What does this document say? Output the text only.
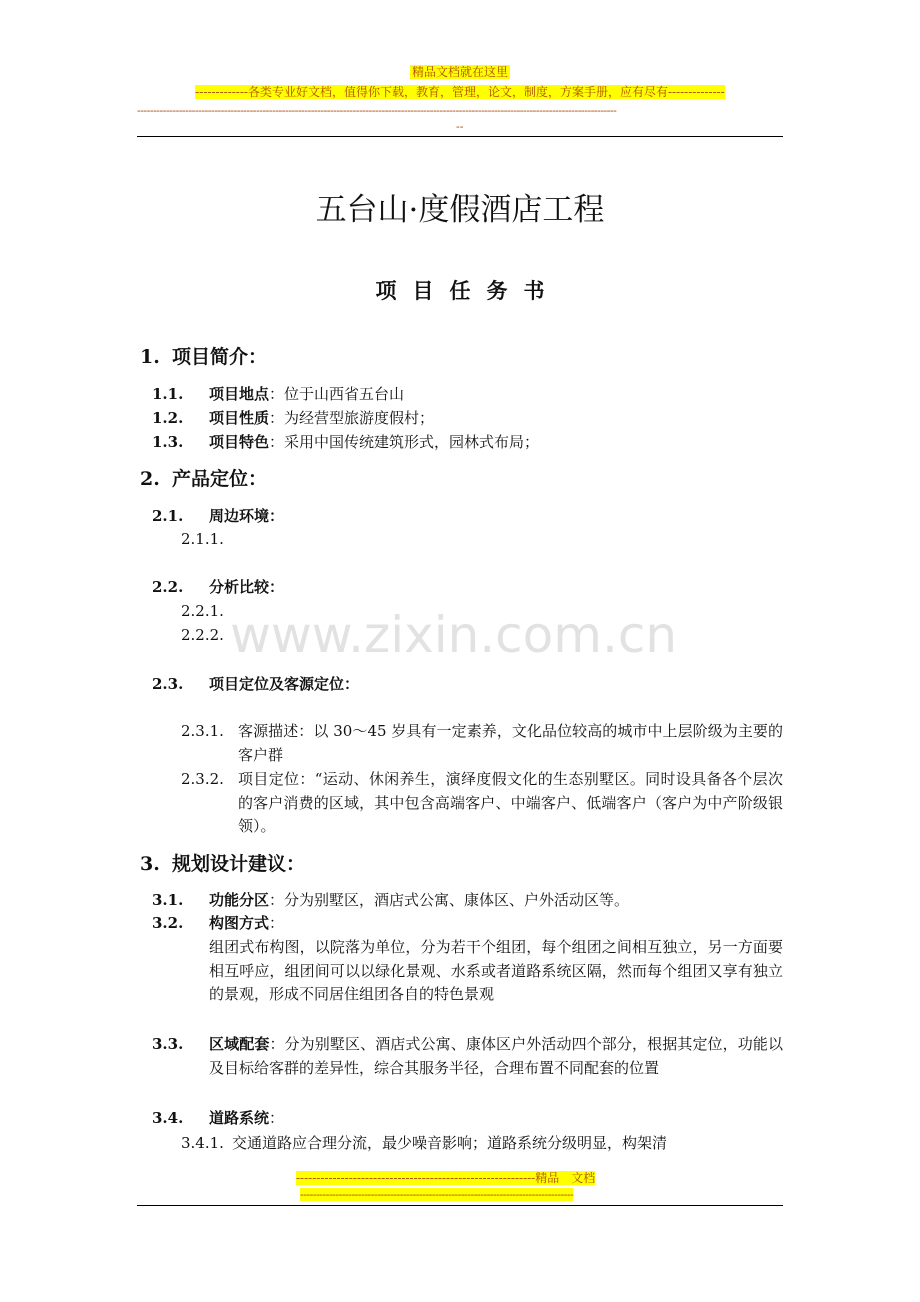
精品文档就在这里
-------------各类专业好文档，值得你下载，教育，管理，论文，制度，方案手册，应有尽有--------------
-----------------------------------------------------------------------------------------------------------------------------------------------------
--
五台山·度假酒店工程
项目任务书
1. 项目简介：
1.1. 项目地点：位于山西省五台山
1.2. 项目性质：为经营型旅游度假村；
1.3. 项目特色：采用中国传统建筑形式，园林式布局；
2. 产品定位：
2.1. 周边环境：
2.1.1.
2.2. 分析比较：
2.2.1.
2.2.2.
2.3. 项目定位及客源定位：
2.3.1. 客源描述：以 30～45 岁具有一定素养，文化品位较高的城市中上层阶级为主要的客户群
2.3.2. 项目定位：“运动、休闲养生，演绎度假文化的生态别墅区。同时设具备各个层次的客户消费的区域，其中包含高端客户、中端客户、低端客户（客户为中产阶级银领）。
3. 规划设计建议：
3.1. 功能分区：分为别墅区，酒店式公寓、康体区、户外活动区等。
3.2. 构图方式：
组团式布构图，以院落为单位，分为若干个组团，每个组团之间相互独立，另一方面要相互呼应，组团间可以以绿化景观、水系或者道路系统区隔，然而每个组团又享有独立的景观，形成不同居住组团各自的特色景观
3.3. 区域配套：分为别墅区、酒店式公寓、康体区户外活动四个部分，根据其定位，功能以及目标给客群的差异性，综合其服务半径，合理布置不同配套的位置
3.4. 道路系统：
3.4.1. 交通道路应合理分流，最少噪音影响；道路系统分级明显，构架清
www.zixin.com.cn
-----------------------------------------------------------精品　文档
-------------------------------------------------------------------------------------
